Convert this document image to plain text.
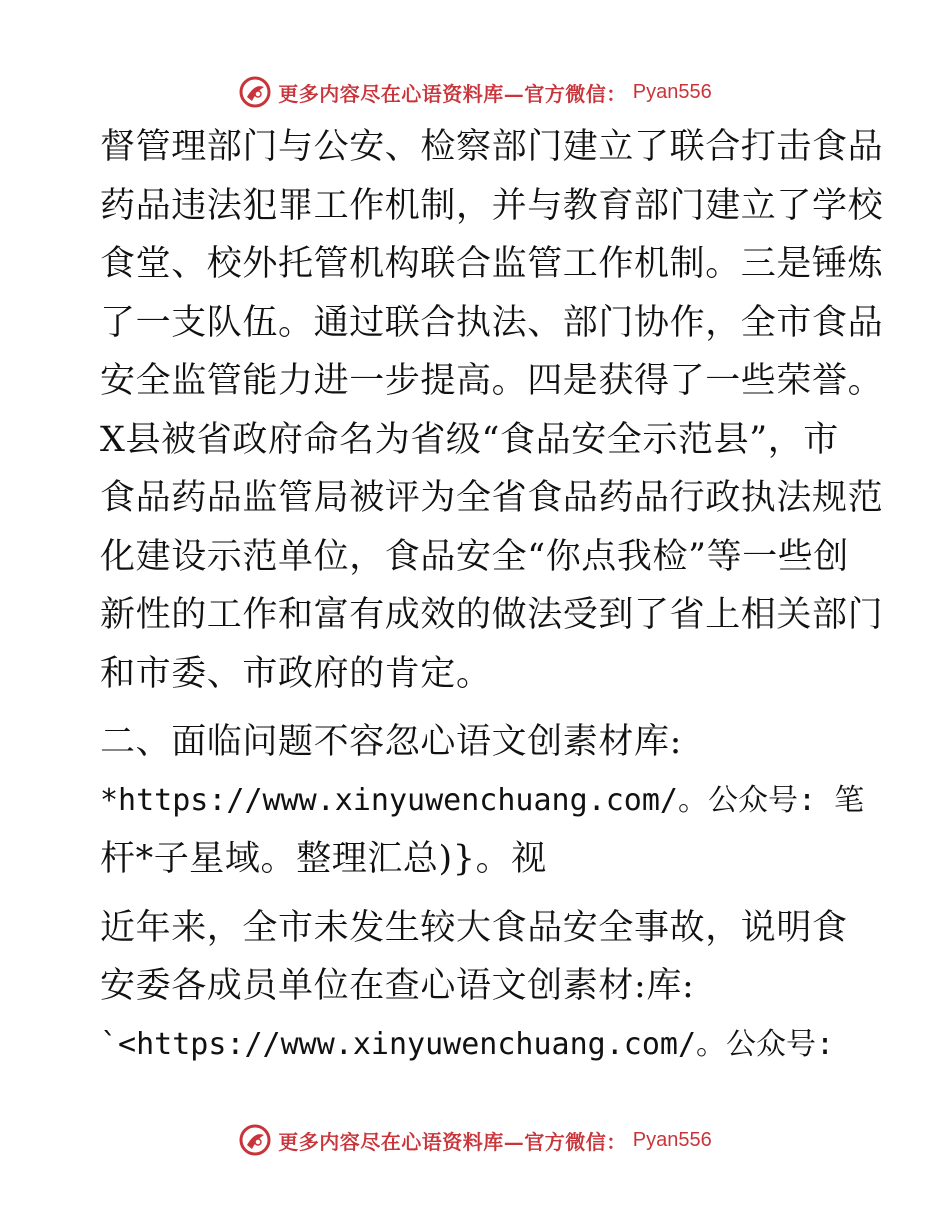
更多内容尽在心语资料库—官方微信： Pyan556
督管理部门与公安、检察部门建立了联合打击食品
药品违法犯罪工作机制，并与教育部门建立了学校
食堂、校外托管机构联合监管工作机制。三是锤炼
了一支队伍。通过联合执法、部门协作，全市食品
安全监管能力进一步提高。四是获得了一些荣誉。
X县被省政府命名为省级“食品安全示范县”，市
食品药品监管局被评为全省食品药品行政执法规范
化建设示范单位，食品安全“你点我检”等一些创
新性的工作和富有成效的做法受到了省上相关部门
和市委、市政府的肯定。
二、面临问题不容忽心语文创素材库:
*https://www.xinyuwenchuang.com/。公众号: 笔
杆*子星域。整理汇总)}。视
近年来，全市未发生较大食品安全事故，说明食
安委各成员单位在查心语文创素材:库:
`<https://www.xinyuwenchuang.com/。公众号:
更多内容尽在心语资料库—官方微信： Pyan556
